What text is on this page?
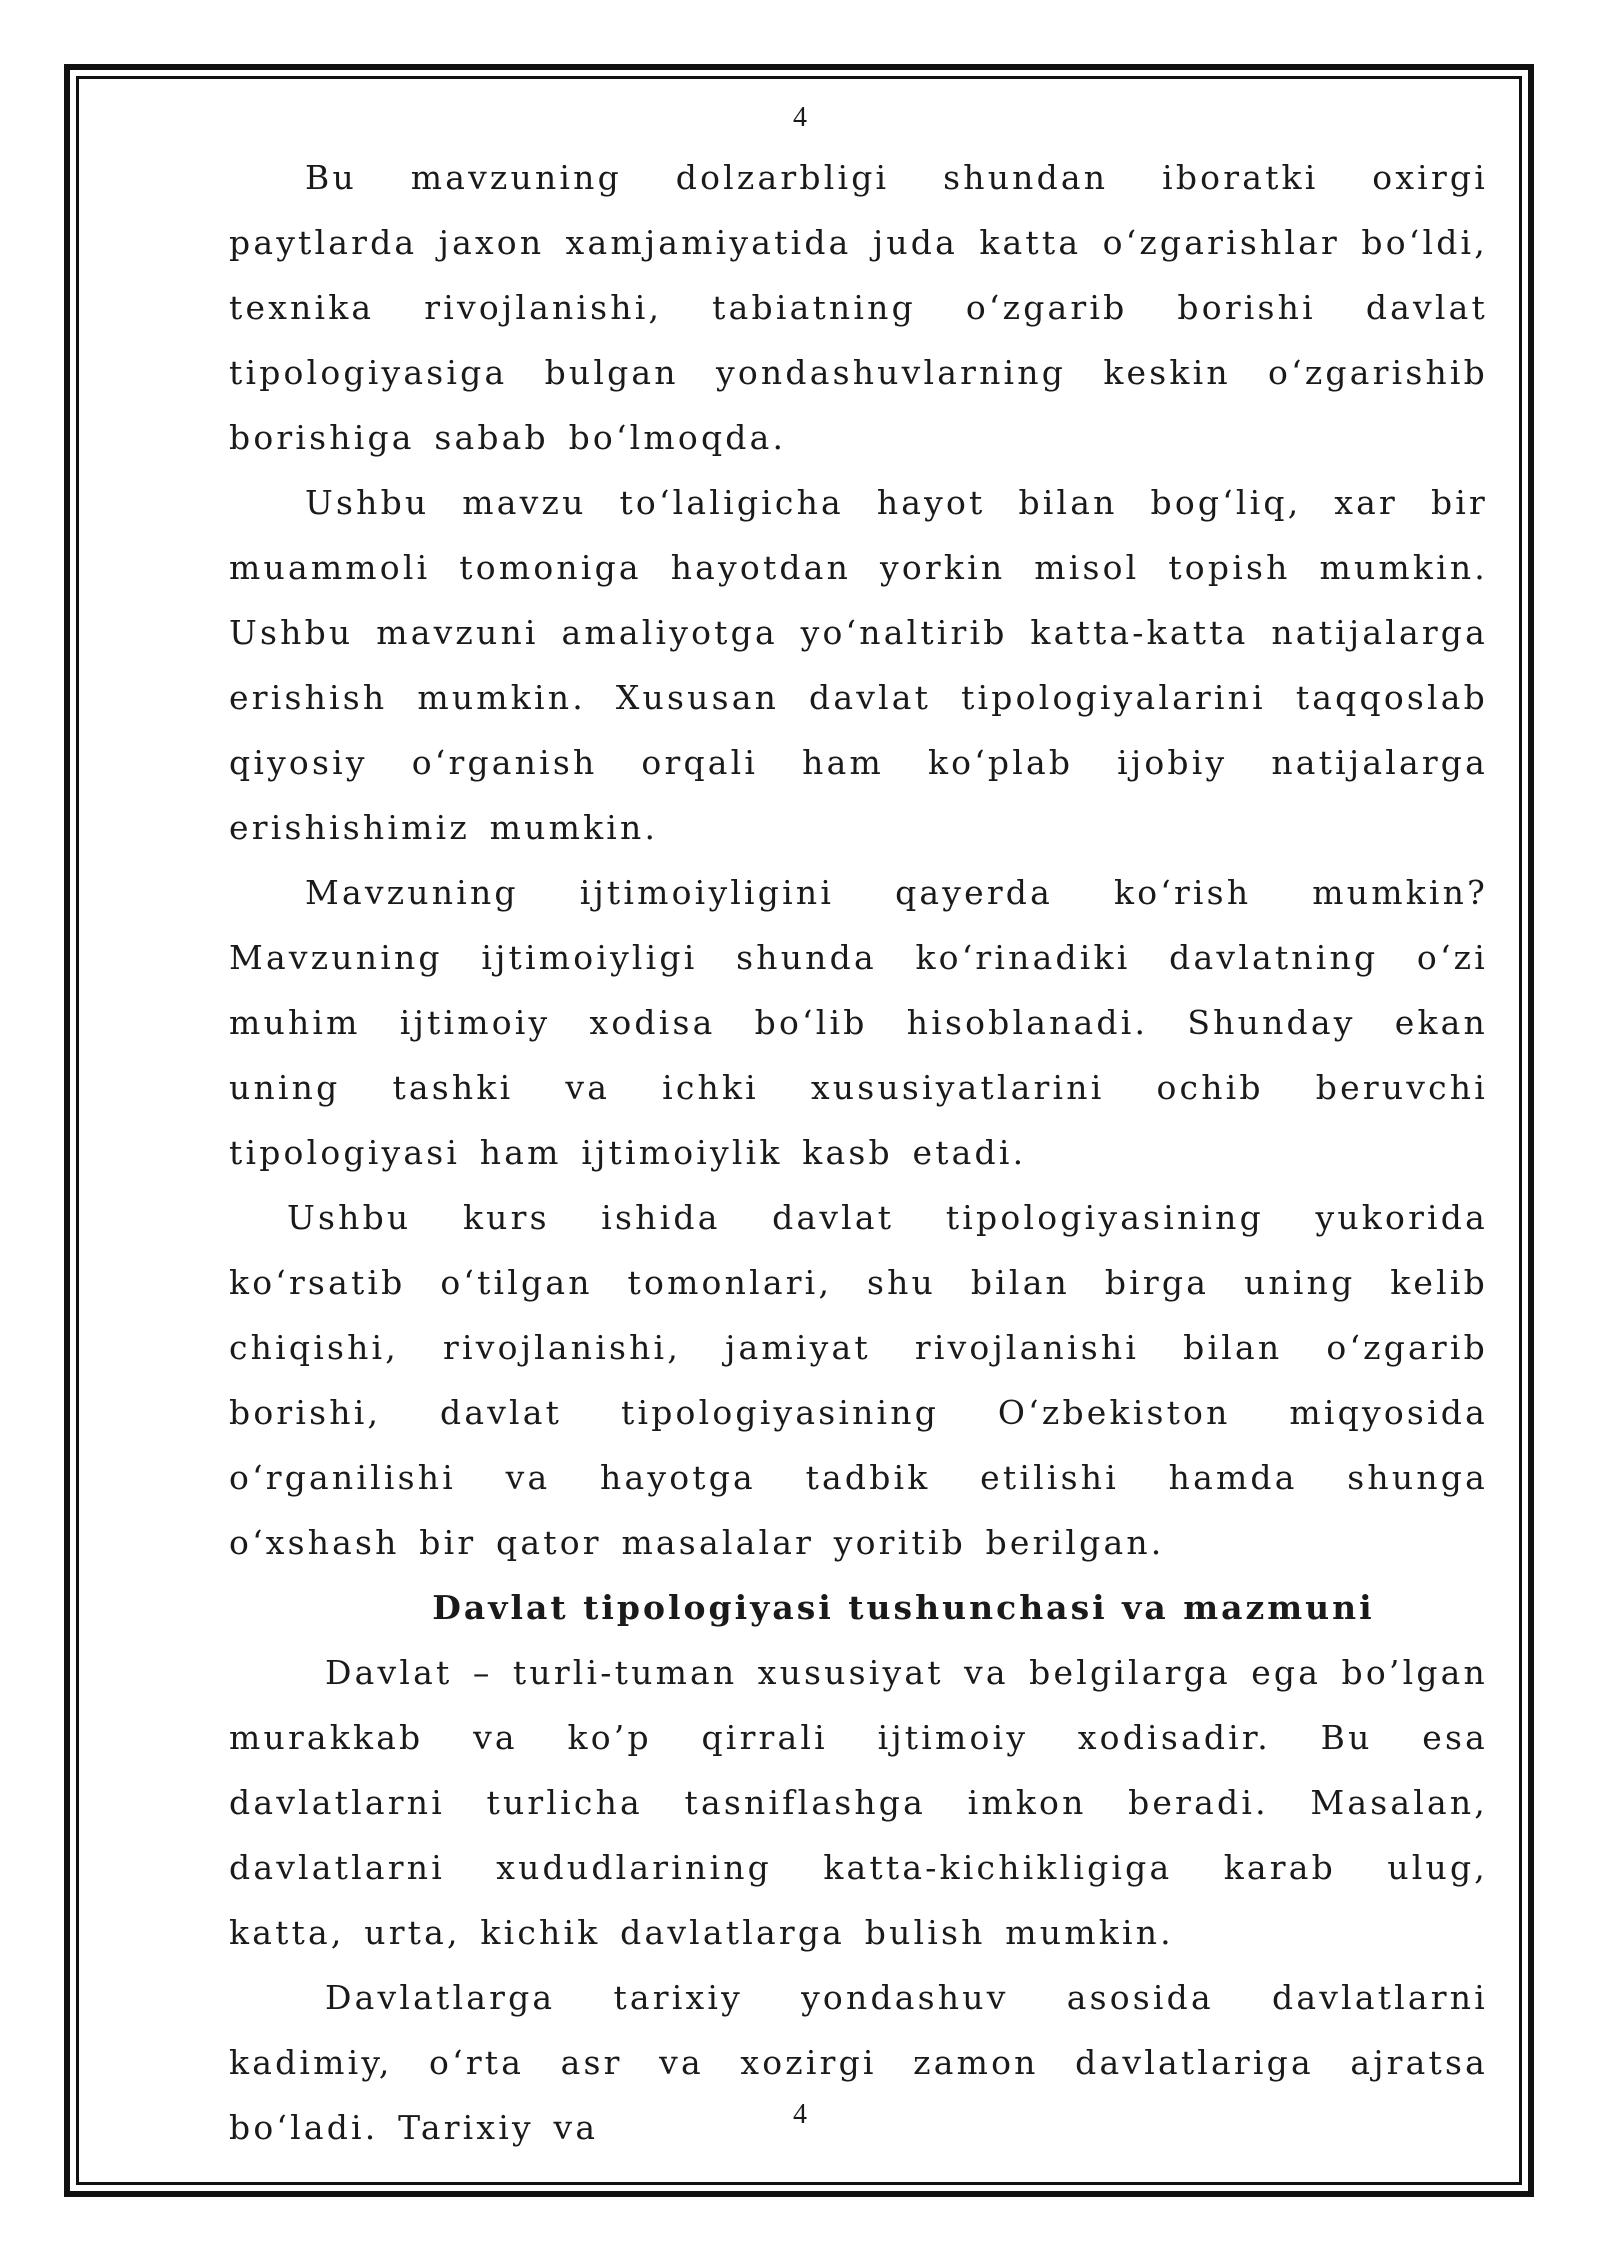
4

Bu mavzuning dolzarbligi shundan iboratki oxirgi paytlarda jaxon xamjamiyatida juda katta o‘zgarishlar bo‘ldi, texnika rivojlanishi, tabiatning o‘zgarib borishi davlat tipologiyasiga bulgan yondashuvlarning keskin o‘zgarishib borishiga sabab bo‘lmoqda.

Ushbu mavzu to‘laligicha hayot bilan bog‘liq, xar bir muammoli tomoniga hayotdan yorkin misol topish mumkin. Ushbu mavzuni amaliyotga yo‘naltirib katta-katta natijalarga erishish mumkin. Xususan davlat tipologiyalarini taqqoslab qiyosiy o‘rganish orqali ham ko‘plab ijobiy natijalarga erishishimiz mumkin.

Mavzuning ijtimoiyligini qayerda ko‘rish mumkin? Mavzuning ijtimoiyligi shunda ko‘rinadiki davlatning o‘zi muhim ijtimoiy xodisa bo‘lib hisoblanadi. Shunday ekan uning tashki va ichki xususiyatlarini ochib beruvchi tipologiyasi ham ijtimoiylik kasb etadi.

Ushbu kurs ishida davlat tipologiyasining yukorida ko‘rsatib o‘tilgan tomonlari, shu bilan birga uning kelib chiqishi, rivojlanishi, jamiyat rivojlanishi bilan o‘zgarib borishi, davlat tipologiyasining O‘zbekiston miqyosida o‘rganilishi va hayotga tadbik etilishi hamda shunga o‘xshash bir qator masalalar yoritib berilgan.

Davlat tipologiyasi tushunchasi va mazmuni

Davlat – turli-tuman xususiyat va belgilarga ega bo’lgan murakkab va ko’p qirrali ijtimoiy xodisadir. Bu esa davlatlarni turlicha tasniflashga imkon beradi. Masalan, davlatlarni xududlarining katta-kichikligiga karab ulug, katta, urta, kichik davlatlarga bulish mumkin.

Davlatlarga tarixiy yondashuv asosida davlatlarni kadimiy, o‘rta asr va xozirgi zamon davlatlariga ajratsa bo‘ladi. Tarixiy va	4
